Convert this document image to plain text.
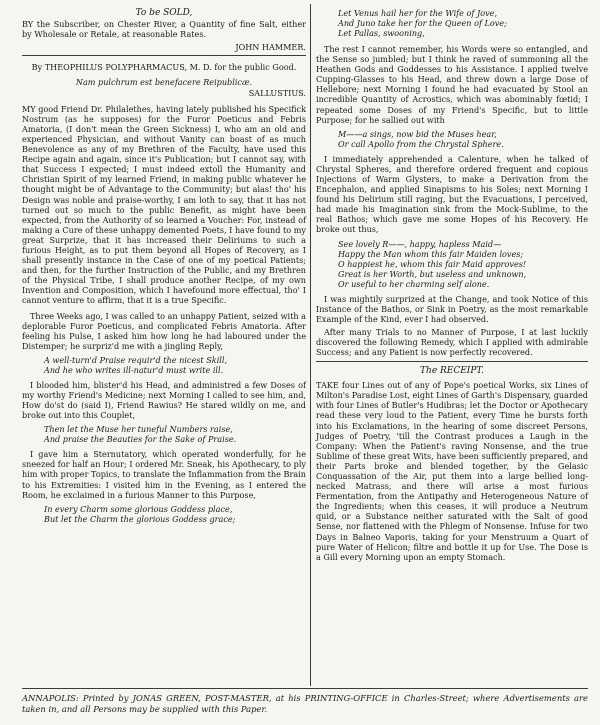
To be SOLD,

BY the Subscriber, on Chester River, a Quantity of fine Salt, either by Wholesale or Retale, at reasonable Rates.

JOHN HAMMER.

By THEOPHILUS POLYPHARMACUS, M. D. for the public Good.

Nam pulchrum est benefacere Reipublicæ.

SALLUSTIUS.

MY good Friend Dr. Philalethes, having lately published his Specifick Nostrum (as he supposes) for the Furor Poeticus and Febris Amatoria, (I don't mean the Green Sickness) I, who am an old and experienced Physician, and without Vanity can boast of as much Benevolence as any of my Brethren of the Faculty, have used this Recipe again and again, since it's Publication; but I cannot say, with that Success I expected; I must indeed extoll the Humanity and Christian Spirit of my learned Friend, in making public whatever he thought might be of Advantage to the Community; but alas! tho' his Design was noble and praise-worthy, I am loth to say, that it has not turned out so much to the public Benefit, as might have been expected, from the Authority of so learned a Voucher: For, instead of making a Cure of these unhappy demented Poets, I have found to my great Surprize, that it has increased their Deliriums to such a furious Height, as to put them beyond all Hopes of Recovery, as I shall presently instance in the Case of one of my poetical Patients; and then, for the further Instruction of the Public, and my Brethren of the Physical Tribe, I shall produce another Recipe, of my own Invention and Composition, which I havefound more effectual, tho' I cannot venture to affirm, that it is a true Specific.

Three Weeks ago, I was called to an unhappy Patient, seized with a deplorable Furor Poeticus, and complicated Febris Amatoria. After feeling his Pulse, I asked him how long he had laboured under the Distemper; he surpriz'd me with a jingling Reply,

A well-turn'd Praise requir'd the nicest Skill,
And he who writes ill-natur'd must write ill.

I blooded him, blister'd his Head, and administred a few Doses of my worthy Friend's Medicine; next Morning I called to see him, and, How do'st do (said I), Friend Rawius? He stared wildly on me, and broke out into this Couplet,

Then let the Muse her tuneful Numbers raise,
And praise the Beauties for the Sake of Praise.

I gave him a Sternutatory, which operated wonderfully, for he sneezed for half an Hour; I ordered Mr. Sneak, his Apothecary, to ply him with proper Topics, to translate the Inflammation from the Brain to his Extremities: I visited him in the Evening, as I entered the Room, he exclaimed in a furious Manner to this Purpose,

In every Charm some glorious Goddess place,
But let the Charm the glorious Goddess grace;
Let Venus hail her for the Wife of Jove,
And Juno take her for the Queen of Love;
Let Pallas, swooning,

The rest I cannot remember, his Words were so entangled, and the Sense so jumbled; but I think he raved of summoning all the Heathen Gods and Goddesses to his Assistance. I applied twelve Cupping-Glasses to his Head, and threw down a large Dose of Hellebore; next Morning I found he had evacuated by Stool an incredible Quantity of Acrostics, which was abominably fœtid; I repeated some Doses of my Friend's Specific, but to little Purpose; for he sallied out with

M——a sings, now bid the Muses hear,
Or call Apollo from the Chrystal Sphere.

I immediately apprehended a Calenture, when he talked of Chrystal Spheres, and therefore ordered frequent and copious Injections of Warm Glysters, to make a Derivation from the Encephalon, and applied Sinapisms to his Soles; next Morning I found his Delirium still raging, but the Evacuations, I perceived, had made his Imagination sink from the Mock-Sublime, to the real Bathos; which gave me some Hopes of his Recovery. He broke out thus,

See lovely R——, happy, hapless Maid—
Happy the Man whom this fair Maiden loves;
O happiest he, whom this fair Maid approves!
Great is her Worth, but useless and unknown,
Or useful to her charming self alone.

I was mightily surprized at the Change, and took Notice of this Instance of the Bathos, or Sink in Poetry, as the most remarkable Example of the Kind, ever I had observed.

After many Trials to no Manner of Purpose, I at last luckily discovered the following Remedy, which I applied with admirable Success; and any Patient is now perfectly recovered.

The RECEIPT.

TAKE four Lines out of any of Pope's poetical Works, six Lines of Milton's Paradise Lost, eight Lines of Garth's Dispensary, guarded with four Lines of Butler's Hudibras; let the Doctor or Apothecary read these very loud to the Patient, every Time he bursts forth into his Exclamations, in the hearing of some discreet Persons, Judges of Poetry, 'till the Contrast produces a Laugh in the Company: When the Patient's raving Nonsense, and the true Sublime of these great Wits, have been sufficiently prepared, and their Parts broke and blended together, by the Gelasic Conquassation of the Air, put them into a large bellied long-necked Matrass, and there will arise a most furious Fermentation, from the Antipathy and Heterogeneous Nature of the Ingredients; when this ceases, it will produce a Neutrum quid, or a Substance neither saturated with the Salt of good Sense, nor flattened with the Phlegm of Nonsense. Infuse for two Days in Balneo Vaporis, taking for your Menstruum a Quart of pure Water of Helicon; filtre and bottle it up for Use. The Dose is a Gill every Morning upon an empty Stomach.

ANNAPOLIS: Printed by JONAS GREEN, POST-MASTER, at his PRINTING-OFFICE in Charles-Street; where Advertisements are taken in, and all Persons may be supplied with this Paper.
